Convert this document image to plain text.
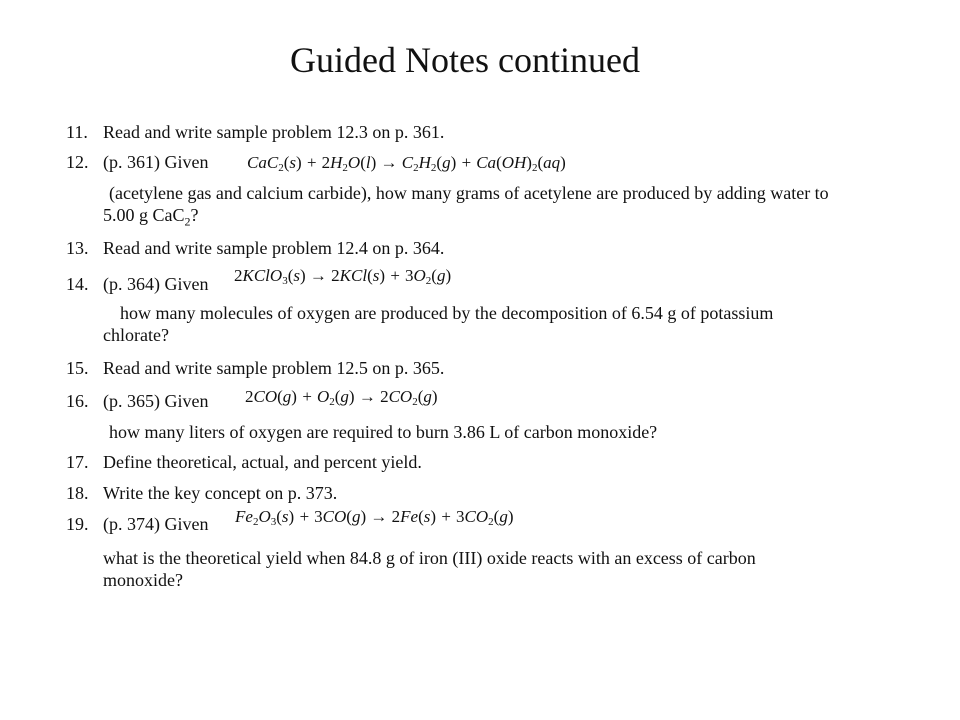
Guided Notes continued
11. Read and write sample problem 12.3 on p. 361.
12. (p. 361) Given $CaC_2(s) + 2H_2O(l) \to C_2H_2(g) + Ca(OH)_2(aq)$
(acetylene gas and calcium carbide), how many grams of acetylene are produced by adding water to 5.00 g CaC$_2$?
13. Read and write sample problem 12.4 on p. 364.
14. (p. 364) Given 2KClO$_3$(s) → $2KCl(s) + 3O_2(g)$
how many molecules of oxygen are produced by the decomposition of 6.54 g of potassium chlorate?
15. Read and write sample problem 12.5 on p. 365.
16. (p. 365) Given $2CO(g) + O_2(g) \to 2CO_2(g)$
how many liters of oxygen are required to burn 3.86 L of carbon monoxide?
17. Define theoretical, actual, and percent yield.
18. Write the key concept on p. 373.
19. (p. 374) Given $Fe_2O_3(s) + 3CO(g) \to 2Fe(s) + 3CO_2(g)$
what is the theoretical yield when 84.8 g of iron (III) oxide reacts with an excess of carbon monoxide?
